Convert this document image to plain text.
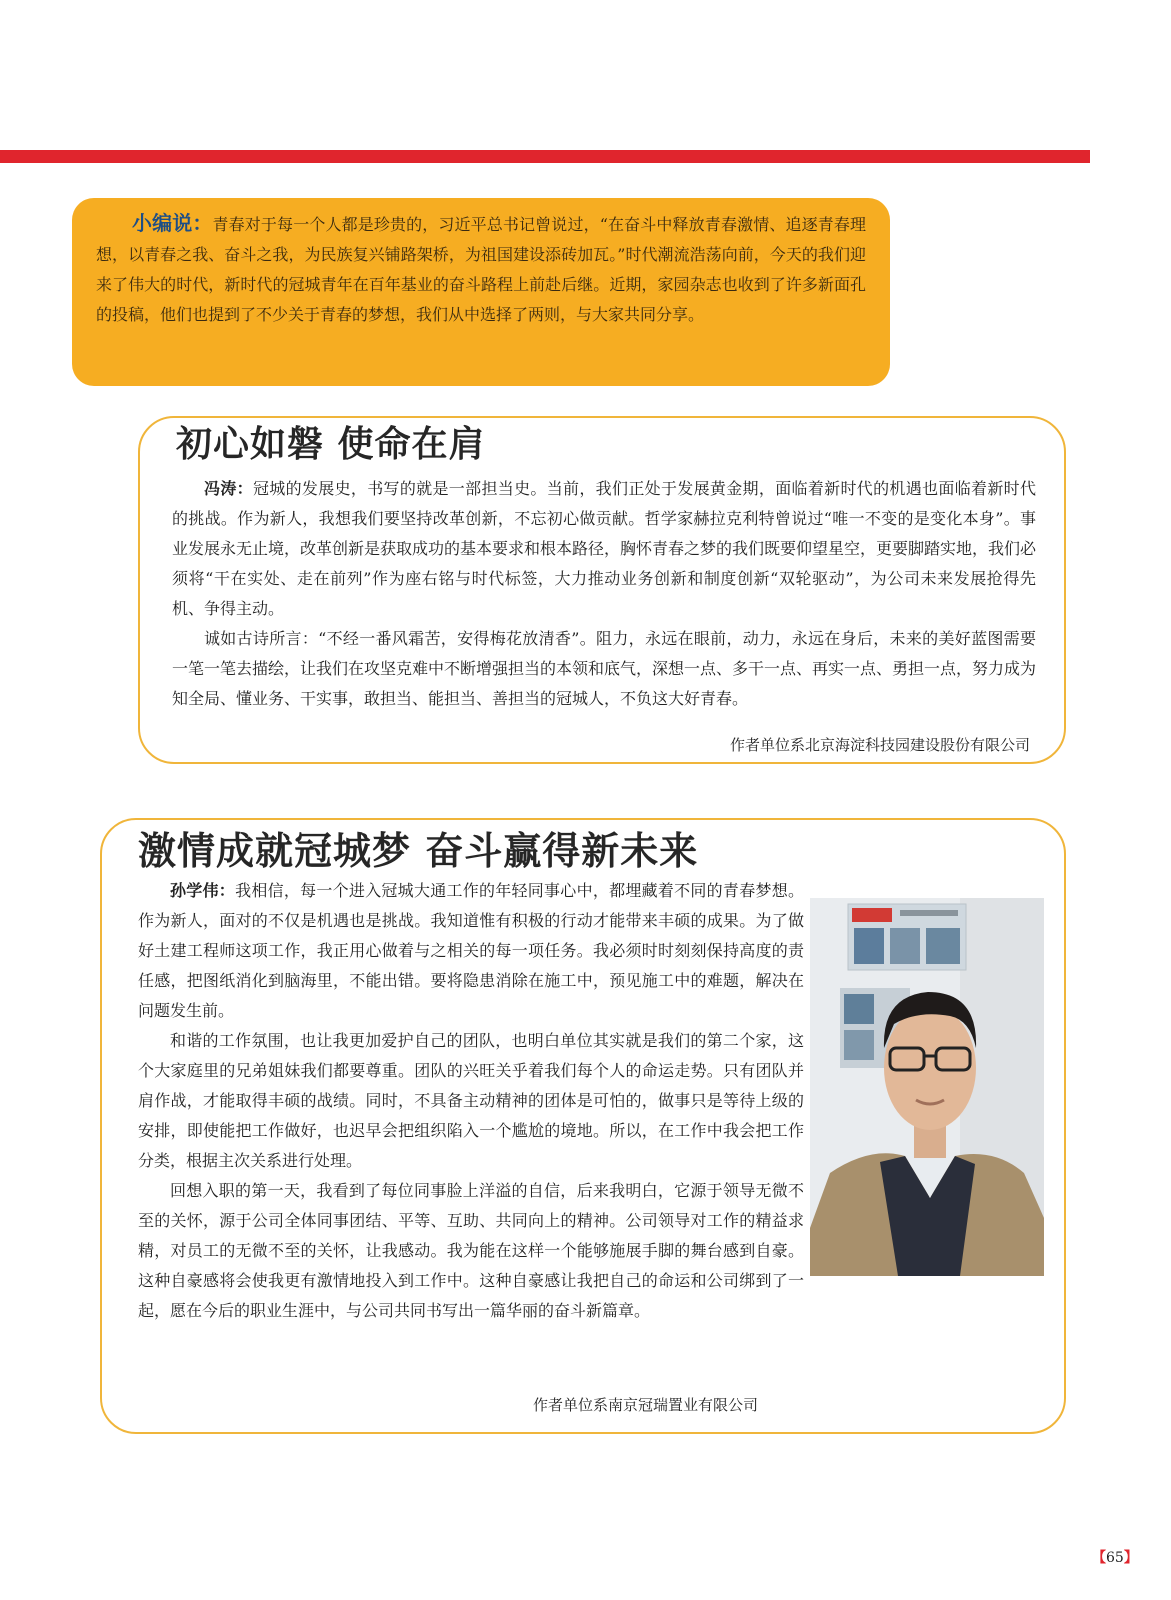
小编说：青春对于每一个人都是珍贵的，习近平总书记曾说过，“在奋斗中释放青春激情、追逐青春理想，以青春之我、奋斗之我，为民族复兴铺路架桥，为祖国建设添砖加瓦。”时代潮流浩荡向前，今天的我们迎来了伟大的时代，新时代的冠城青年在百年基业的奋斗路程上前赴后继。近期，家园杂志也收到了许多新面孔的投稿，他们也提到了不少关于青春的梦想，我们从中选择了两则，与大家共同分享。
初心如磐 使命在肩

冯涛：冠城的发展史，书写的就是一部担当史。当前，我们正处于发展黄金期，面临着新时代的机遇也面临着新时代的挑战。作为新人，我想我们要坚持改革创新，不忘初心做贡献。哲学家赫拉克利特曾说过“唯一不变的是变化本身”。事业发展永无止境，改革创新是获取成功的基本要求和根本路径，胸怀青春之梦的我们既要仰望星空，更要脚踏实地，我们必须将“干在实处、走在前列”作为座右铭与时代标签，大力推动业务创新和制度创新“双轮驱动”，为公司未来发展抢得先机、争得主动。

诚如古诗所言：“不经一番风霜苦，安得梅花放清香”。阻力，永远在眼前，动力，永远在身后，未来的美好蓝图需要一笔一笔去描绘，让我们在攻坚克难中不断增强担当的本领和底气，深想一点、多干一点、再实一点、勇担一点，努力成为知全局、懂业务、干实事，敢担当、能担当、善担当的冠城人，不负这大好青春。

作者单位系北京海淀科技园建设股份有限公司
激情成就冠城梦 奋斗赢得新未来

孙学伟：我相信，每一个进入冠城大通工作的年轻同事心中，都埋藏着不同的青春梦想。作为新人，面对的不仅是机遇也是挑战。我知道惟有积极的行动才能带来丰硕的成果。为了做好土建工程师这项工作，我正用心做着与之相关的每一项任务。我必须时时刻刻保持高度的责任感，把图纸消化到脑海里，不能出错。要将隐患消除在施工中，预见施工中的难题，解决在问题发生前。

和谐的工作氛围，也让我更加爱护自己的团队，也明白单位其实就是我们的第二个家，这个大家庭里的兄弟姐妹我们都要尊重。团队的兴旺关乎着我们每个人的命运走势。只有团队并肩作战，才能取得丰硕的战绩。同时，不具备主动精神的团体是可怕的，做事只是等待上级的安排，即使能把工作做好，也迟早会把组织陷入一个尴尬的境地。所以，在工作中我会把工作分类，根据主次关系进行处理。

回想入职的第一天，我看到了每位同事脸上洋溢的自信，后来我明白，它源于领导无微不至的关怀，源于公司全体同事团结、平等、互助、共同向上的精神。公司领导对工作的精益求精，对员工的无微不至的关怀，让我感动。我为能在这样一个能够施展手脚的舞台感到自豪。这种自豪感将会使我更有激情地投入到工作中。这种自豪感让我把自己的命运和公司绑到了一起，愿在今后的职业生涯中，与公司共同书写出一篇华丽的奋斗新篇章。

作者单位系南京冠瑞置业有限公司
【65】
